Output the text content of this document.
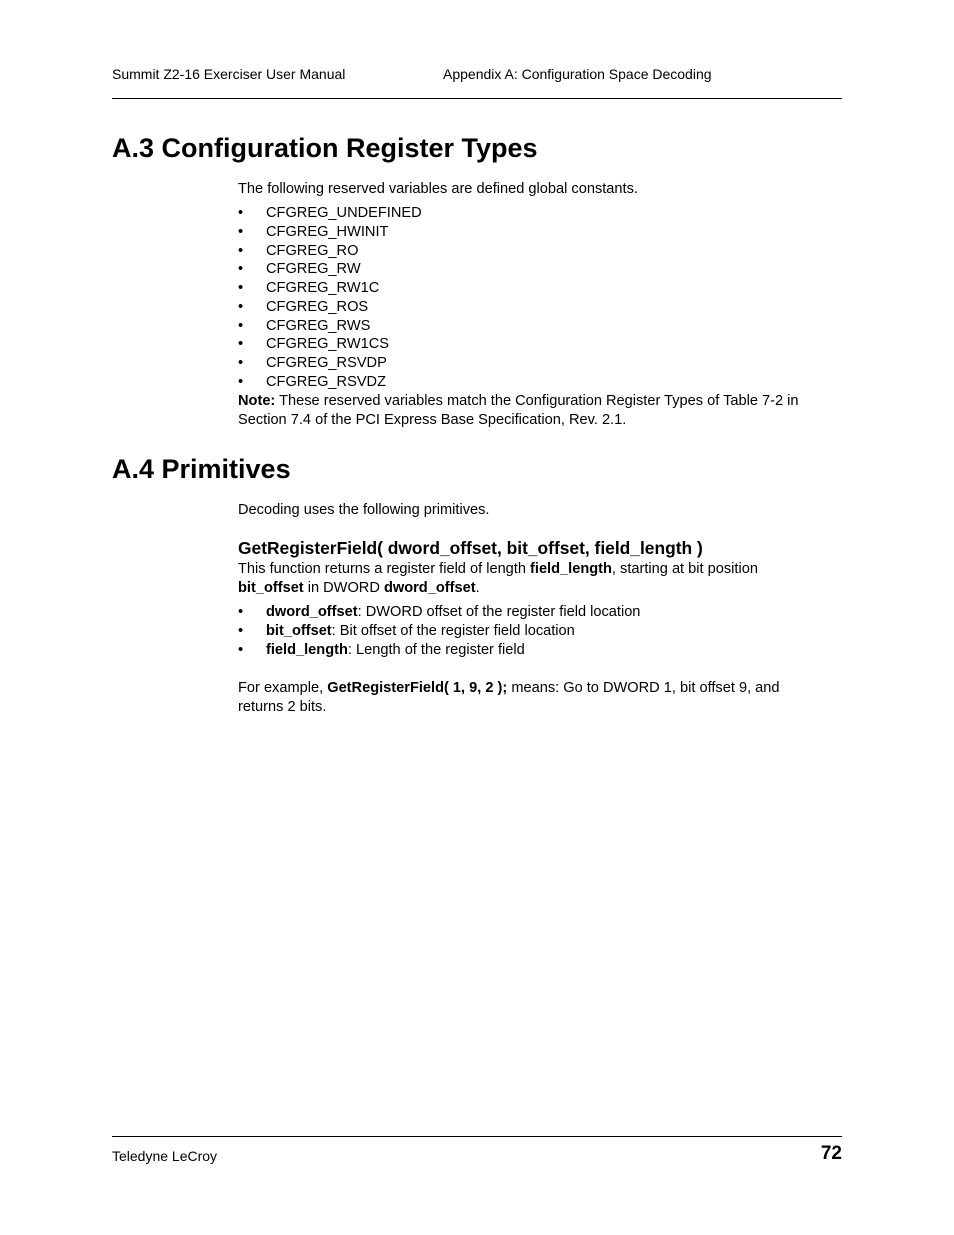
Summit Z2-16 Exerciser User Manual	Appendix A: Configuration Space Decoding
A.3 Configuration Register Types
The following reserved variables are defined global constants.
• CFGREG_UNDEFINED
• CFGREG_HWINIT
• CFGREG_RO
• CFGREG_RW
• CFGREG_RW1C
• CFGREG_ROS
• CFGREG_RWS
• CFGREG_RW1CS
• CFGREG_RSVDP
• CFGREG_RSVDZ
Note: These reserved variables match the Configuration Register Types of Table 7-2 in
Section 7.4 of the PCI Express Base Specification, Rev. 2.1.
A.4 Primitives
Decoding uses the following primitives.
GetRegisterField( dword_offset, bit_offset, field_length )
This function returns a register field of length field_length, starting at bit position
bit_offset in DWORD dword_offset.
• dword_offset: DWORD offset of the register field location
• bit_offset: Bit offset of the register field location
• field_length: Length of the register field
For example, GetRegisterField( 1, 9, 2 ); means: Go to DWORD 1, bit offset 9, and
returns 2 bits.
Teledyne LeCroy	72
